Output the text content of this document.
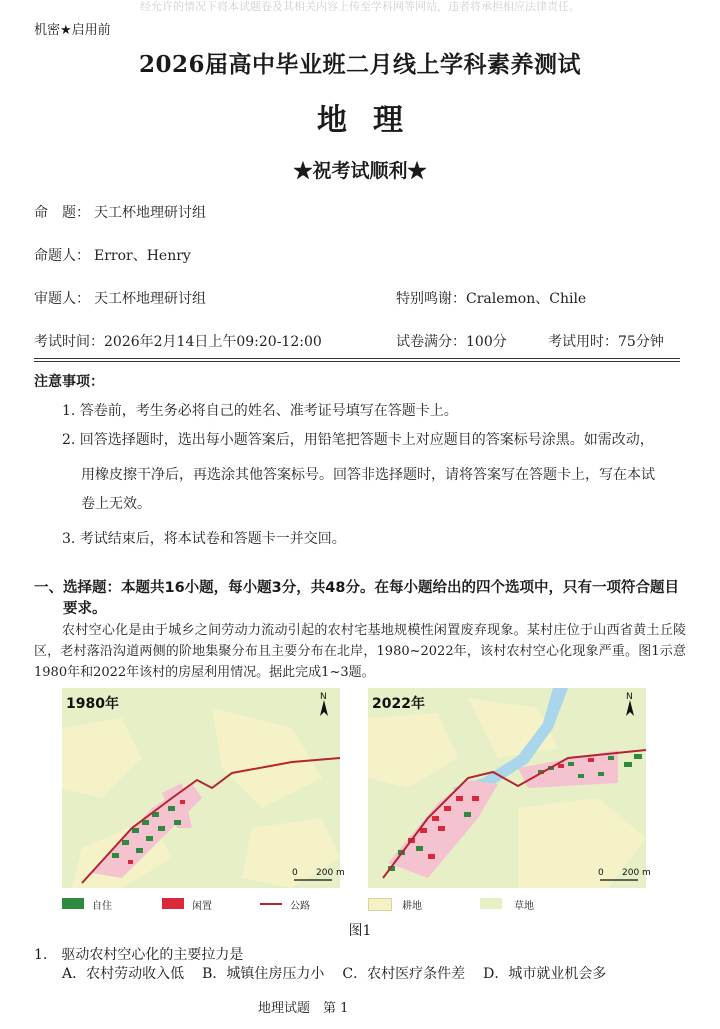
经允许的情况下将本试题卷及其相关内容上传至学科网等网站，违者将承担相应法律责任。
机密★启用前
2026届高中毕业班二月线上学科素养测试
地理
★祝考试顺利★
命　题： 天工杯地理研讨组
命题人： Error、Henry
审题人： 天工杯地理研讨组	特别鸣谢：Cralemon、Chile
考试时间：2026年2月14日上午09:20-12:00	试卷满分：100分	考试用时：75分钟
注意事项：
1. 答卷前，考生务必将自己的姓名、准考证号填写在答题卡上。
2. 回答选择题时，选出每小题答案后，用铅笔把答题卡上对应题目的答案标号涂黑。如需改动，
用橡皮擦干净后，再选涂其他答案标号。回答非选择题时，请将答案写在答题卡上，写在本试
卷上无效。
3. 考试结束后，将本试卷和答题卡一并交回。
一、选择题：本题共16小题，每小题3分，共48分。在每小题给出的四个选项中，只有一项符合题目
要求。
农村空心化是由于城乡之间劳动力流动引起的农村宅基地规模性闲置废弃现象。某村庄位于山西省黄土丘陵区，老村落沿沟道两侧的阶地集聚分布且主要分布在北岸，1980~2022年，该村农村空心化现象严重。图1示意1980年和2022年该村的房屋利用情况。据此完成1~3题。
1980年	N
0 200 m
2022年	N
0 200 m
自住	闲置	公路	耕地	草地
图1
1.　驱动农村空心化的主要拉力是
A．农村劳动收入低 B．城镇住房压力小 C．农村医疗条件差 D．城市就业机会多
地理试题　第 1
